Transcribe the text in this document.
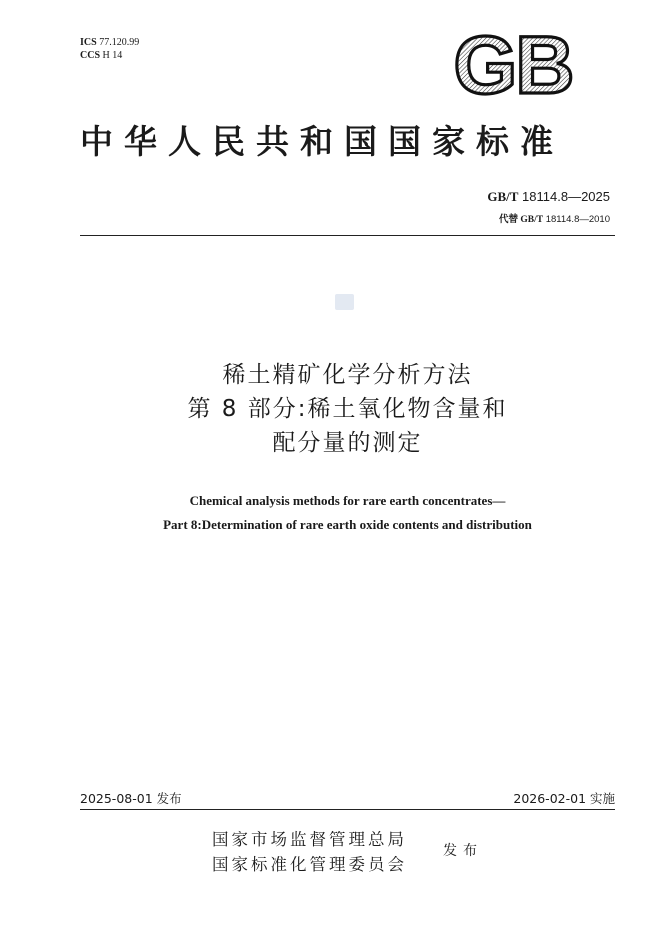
ICS 77.120.99
CCS H 14	GB
中华人民共和国国家标准
GB/T 18114.8—2025
代替 GB/T 18114.8—2010
稀土精矿化学分析方法
第 8 部分:稀土氧化物含量和
配分量的测定
Chemical analysis methods for rare earth concentrates—
Part 8:Determination of rare earth oxide contents and distribution
2025-08-01 发布	2026-02-01 实施
国家市场监督管理总局
国家标准化管理委员会
发布
